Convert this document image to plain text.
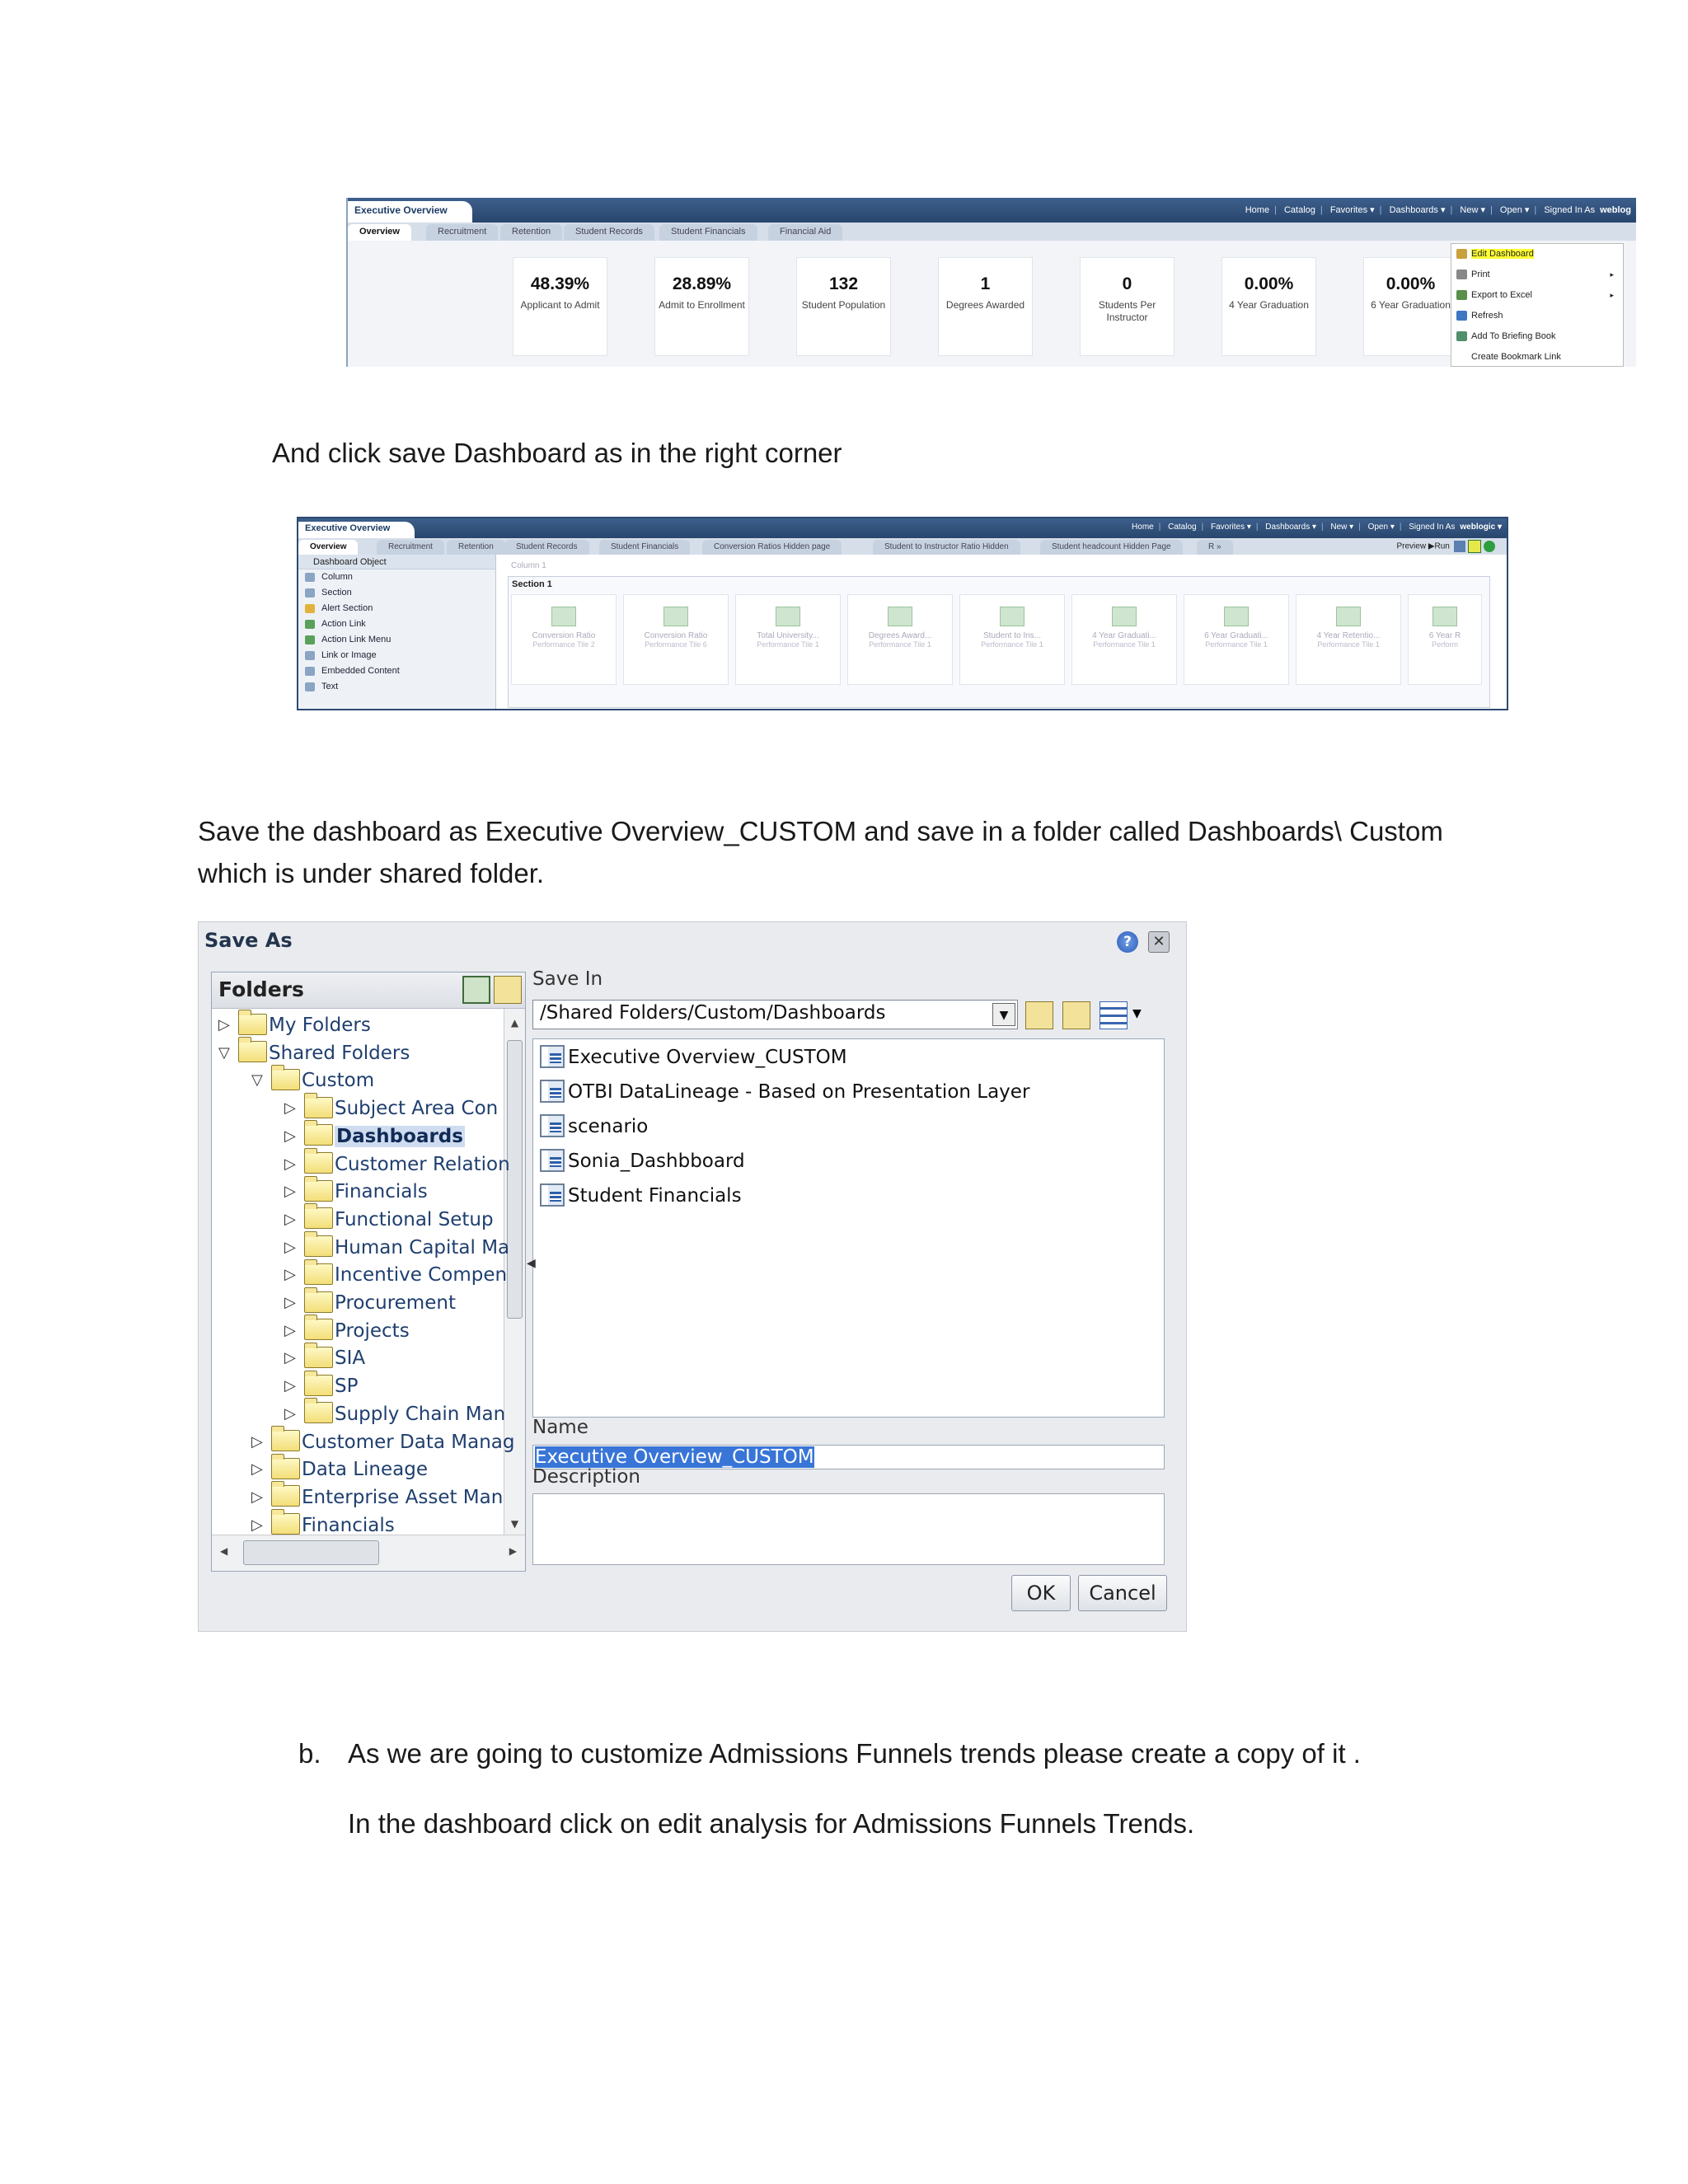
Executive Overview	Home | Catalog | Favorites ▾ | Dashboards ▾ | New ▾ | Open ▾ | Signed In As weblog
Overview	Recruitment	Retention	Student Records	Student Financials	Financial Aid
48.39%
Applicant to Admit
28.89%
Admit to Enrollment
132
Student Population
1
Degrees Awarded
0
Students Per Instructor
0.00%
4 Year Graduation
0.00%
6 Year Graduation
Edit Dashboard
Print	▸
Export to Excel	▸
Refresh
Add To Briefing Book
Create Bookmark Link
And click save Dashboard as in the right corner
Executive Overview	Home | Catalog | Favorites ▾ | Dashboards ▾ | New ▾ | Open ▾ | Signed In As weblogic ▾
Overview	Recruitment	Retention	Student Records	Student Financials	Conversion Ratios Hidden page	Student to Instructor Ratio Hidden	Student headcount Hidden Page	R »	Preview ▶Run
Dashboard Object
Column
Section
Alert Section
Action Link
Action Link Menu
Link or Image
Embedded Content
Text
Column 1
Section 1
Conversion Ratio
Performance Tile 2
Conversion Ratio
Performance Tile 6
Total University...
Performance Tile 1
Degrees Award...
Performance Tile 1
Student to Ins...
Performance Tile 1
4 Year Graduati...
Performance Tile 1
6 Year Graduati...
Performance Tile 1
4 Year Retentio...
Performance Tile 1
6 Year R
Perform
Save the dashboard as Executive Overview_CUSTOM and save in a folder called Dashboards\ Custom
which is under shared folder.
Save As	?	✕
Folders
▲
▼
◀	▶
▷ My Folders
▽ Shared Folders
▽ Custom
▷ Subject Area Con
▷ Dashboards
▷ Customer Relation
▷ Financials
▷ Functional Setup
▷ Human Capital Ma
▷ Incentive Compen
▷ Procurement
▷ Projects
▷ SIA
▷ SP
▷ Supply Chain Man
▷ Customer Data Manag
▷ Data Lineage
▷ Enterprise Asset Man
▷ Financials
Save In
/Shared Folders/Custom/Dashboards	▼	▼
Executive Overview_CUSTOM
OTBI DataLineage - Based on Presentation Layer
scenario
Sonia_Dashbboard
Student Financials
◀
Name
Executive Overview_CUSTOM
Description
OK	Cancel
b. As we are going to customize Admissions Funnels trends please create a copy of it .
In the dashboard click on edit analysis for Admissions Funnels Trends.
